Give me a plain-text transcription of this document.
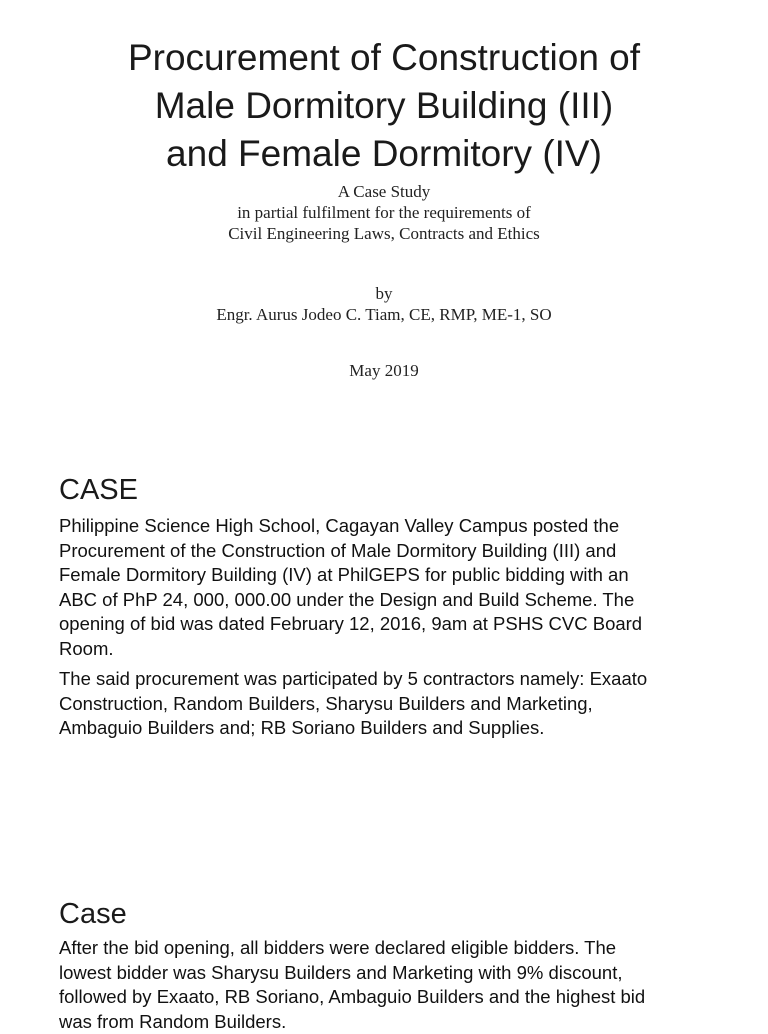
Procurement of Construction of
Male Dormitory Building (III)
and Female Dormitory (IV)
A Case Study
in partial fulfilment for the requirements of
Civil Engineering Laws, Contracts and Ethics
by
Engr. Aurus Jodeo C. Tiam, CE, RMP, ME-1, SO
May 2019
CASE

Philippine Science High School, Cagayan Valley Campus posted the
Procurement of the Construction of Male Dormitory Building (III) and
Female Dormitory Building (IV) at PhilGEPS for public bidding with an
ABC of PhP 24, 000, 000.00 under the Design and Build Scheme. The
opening of bid was dated February 12, 2016, 9am at PSHS CVC Board
Room.

The said procurement was participated by 5 contractors namely: Exaato
Construction, Random Builders, Sharysu Builders and Marketing,
Ambaguio Builders and; RB Soriano Builders and Supplies.

Case

After the bid opening, all bidders were declared eligible bidders. The
lowest bidder was Sharysu Builders and Marketing with 9% discount,
followed by Exaato, RB Soriano, Ambaguio Builders and the highest bid
was from Random Builders.
